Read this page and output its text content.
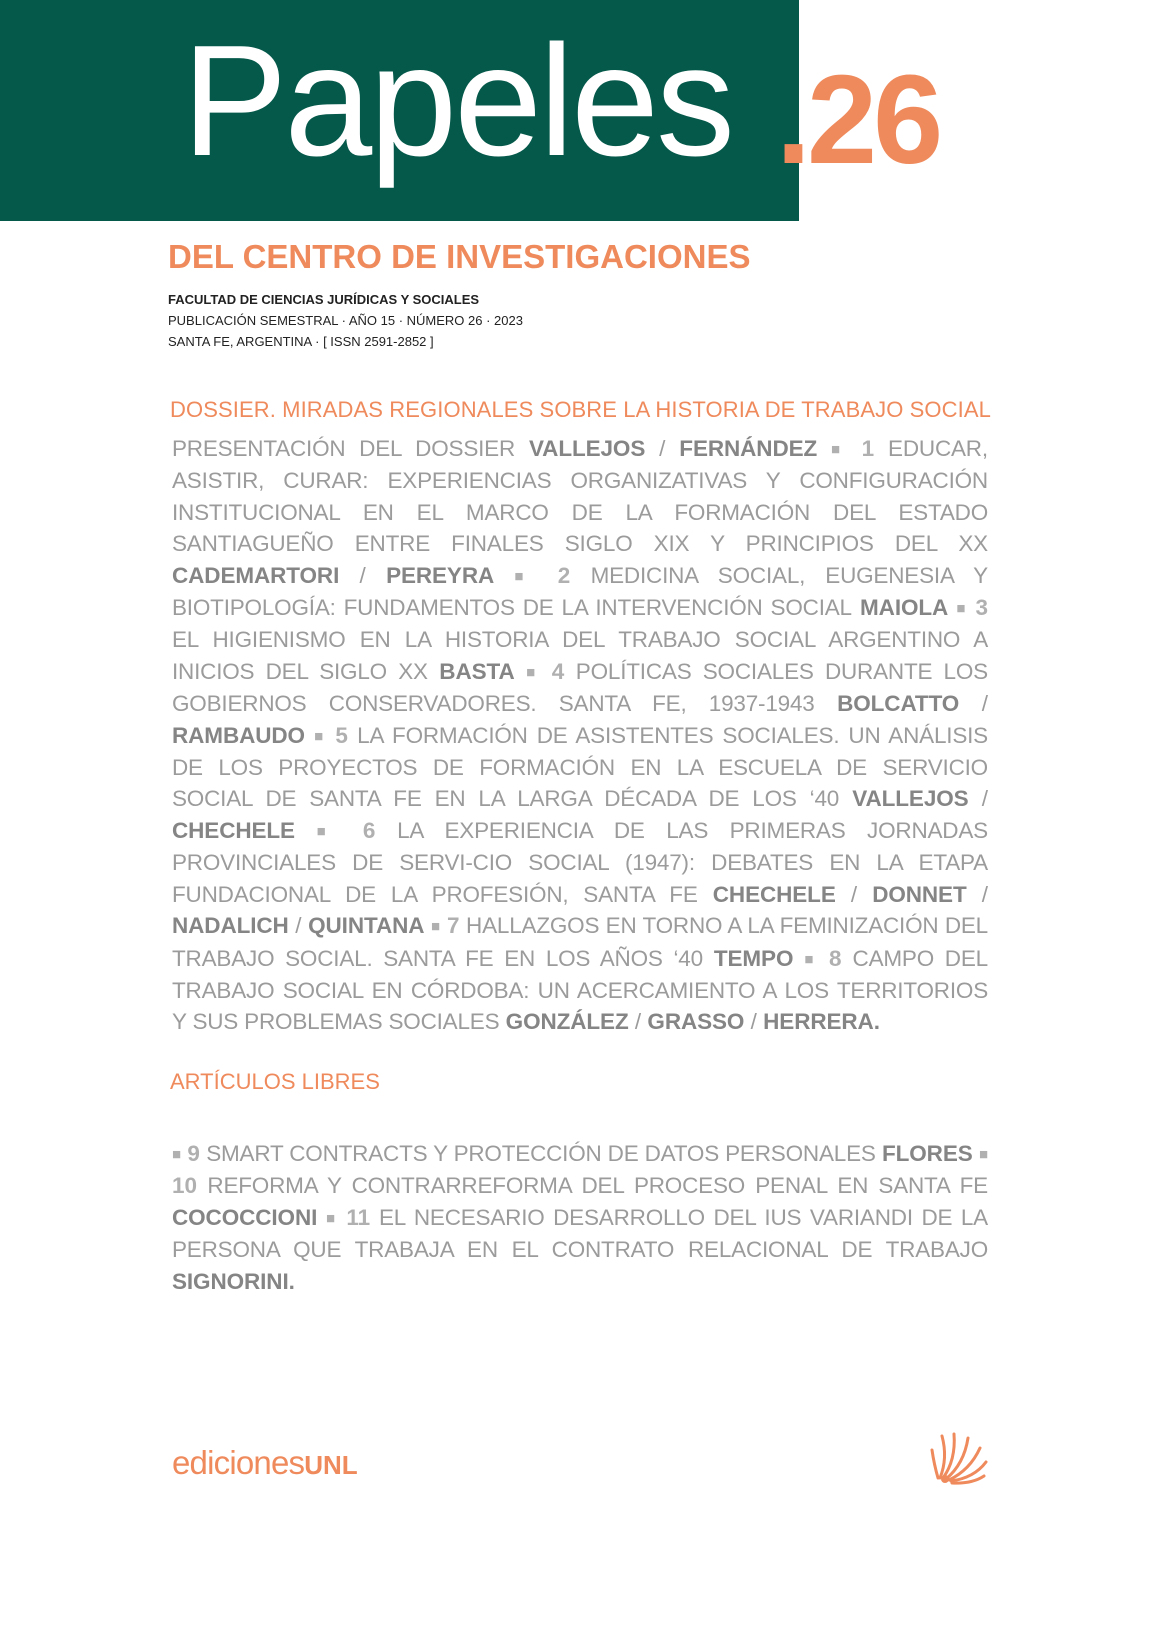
Papeles .26
DEL CENTRO DE INVESTIGACIONES
FACULTAD DE CIENCIAS JURÍDICAS Y SOCIALES
PUBLICACIÓN SEMESTRAL · AÑO 15 · NÚMERO 26 · 2023
SANTA FE, ARGENTINA · [ ISSN 2591-2852 ]
DOSSIER. MIRADAS REGIONALES SOBRE LA HISTORIA DE TRABAJO SOCIAL

PRESENTACIÓN DEL DOSSIER VALLEJOS / FERNÁNDEZ ■ 1 EDUCAR, ASISTIR, CURAR: EXPERIENCIAS ORGANIZATIVAS Y CONFIGURACIÓN INSTITUCIONAL EN EL MARCO DE LA FORMACIÓN DEL ESTADO SANTIAGUEÑO ENTRE FINALES SIGLO XIX Y PRINCIPIOS DEL XX CADEMARTORI / PEREYRA ■ 2 MEDICINA SOCIAL, EUGENESIA Y BIOTIPOLOGÍA: FUNDAMENTOS DE LA INTERVENCIÓN SOCIAL MAIOLA ■ 3 EL HIGIENISMO EN LA HISTORIA DEL TRABAJO SOCIAL ARGENTINO A INICIOS DEL SIGLO XX BASTA ■ 4 POLÍTICAS SOCIALES DURANTE LOS GOBIERNOS CONSERVADORES. SANTA FE, 1937-1943 BOLCATTO / RAMBAUDO ■ 5 LA FORMACIÓN DE ASISTENTES SOCIALES. UN ANÁLISIS DE LOS PROYECTOS DE FORMACIÓN EN LA ESCUELA DE SERVICIO SOCIAL DE SANTA FE EN LA LARGA DÉCADA DE LOS ‘40 VALLEJOS / CHECHELE ■ 6 LA EXPERIENCIA DE LAS PRIMERAS JORNADAS PROVINCIALES DE SERVI-CIO SOCIAL (1947): DEBATES EN LA ETAPA FUNDACIONAL DE LA PROFESIÓN, SANTA FE CHECHELE / DONNET / NADALICH / QUINTANA ■ 7 HALLAZGOS EN TORNO A LA FEMINIZACIÓN DEL TRABAJO SOCIAL. SANTA FE EN LOS AÑOS ‘40 TEMPO ■ 8 CAMPO DEL TRABAJO SOCIAL EN CÓRDOBA: UN ACERCAMIENTO A LOS TERRITORIOS Y SUS PROBLEMAS SOCIALES GONZÁLEZ / GRASSO / HERRERA.

ARTÍCULOS LIBRES

■ 9 SMART CONTRACTS Y PROTECCIÓN DE DATOS PERSONALES FLORES ■ 10 REFORMA Y CONTRARREFORMA DEL PROCESO PENAL EN SANTA FE COCOCCIONI ■ 11 EL NECESARIO DESARROLLO DEL IUS VARIANDI DE LA PERSONA QUE TRABAJA EN EL CONTRATO RELACIONAL DE TRABAJO SIGNORINI.

edicionesUNL
